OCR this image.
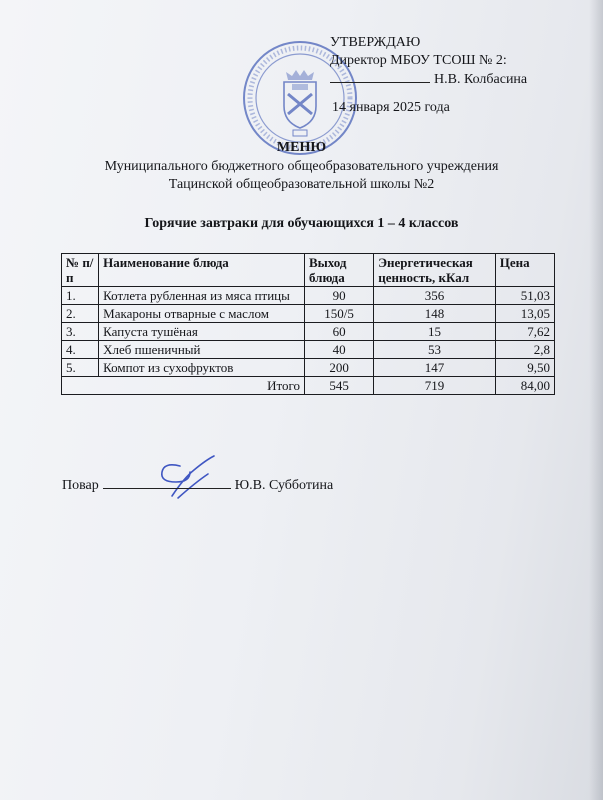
УТВЕРЖДАЮ
Директор МБОУ ТСОШ № 2:
Н.В. Колбасина
14 января 2025 года
МЕНЮ
Муниципального бюджетного общеобразовательного учреждения
Тацинской общеобразовательной школы №2
Горячие завтраки для обучающихся 1 – 4 классов
№ п/п	Наименование блюда	Выход блюда	Энергетическая ценность, кКал	Цена
1.	Котлета рубленная из мяса птицы	90	356	51,03
2.	Макароны отварные с маслом	150/5	148	13,05
3.	Капуста тушёная	60	15	7,62
4.	Хлеб пшеничный	40	53	2,8
5.	Компот из сухофруктов	200	147	9,50
Итого		545	719	84,00
Повар	Ю.В. Субботина
